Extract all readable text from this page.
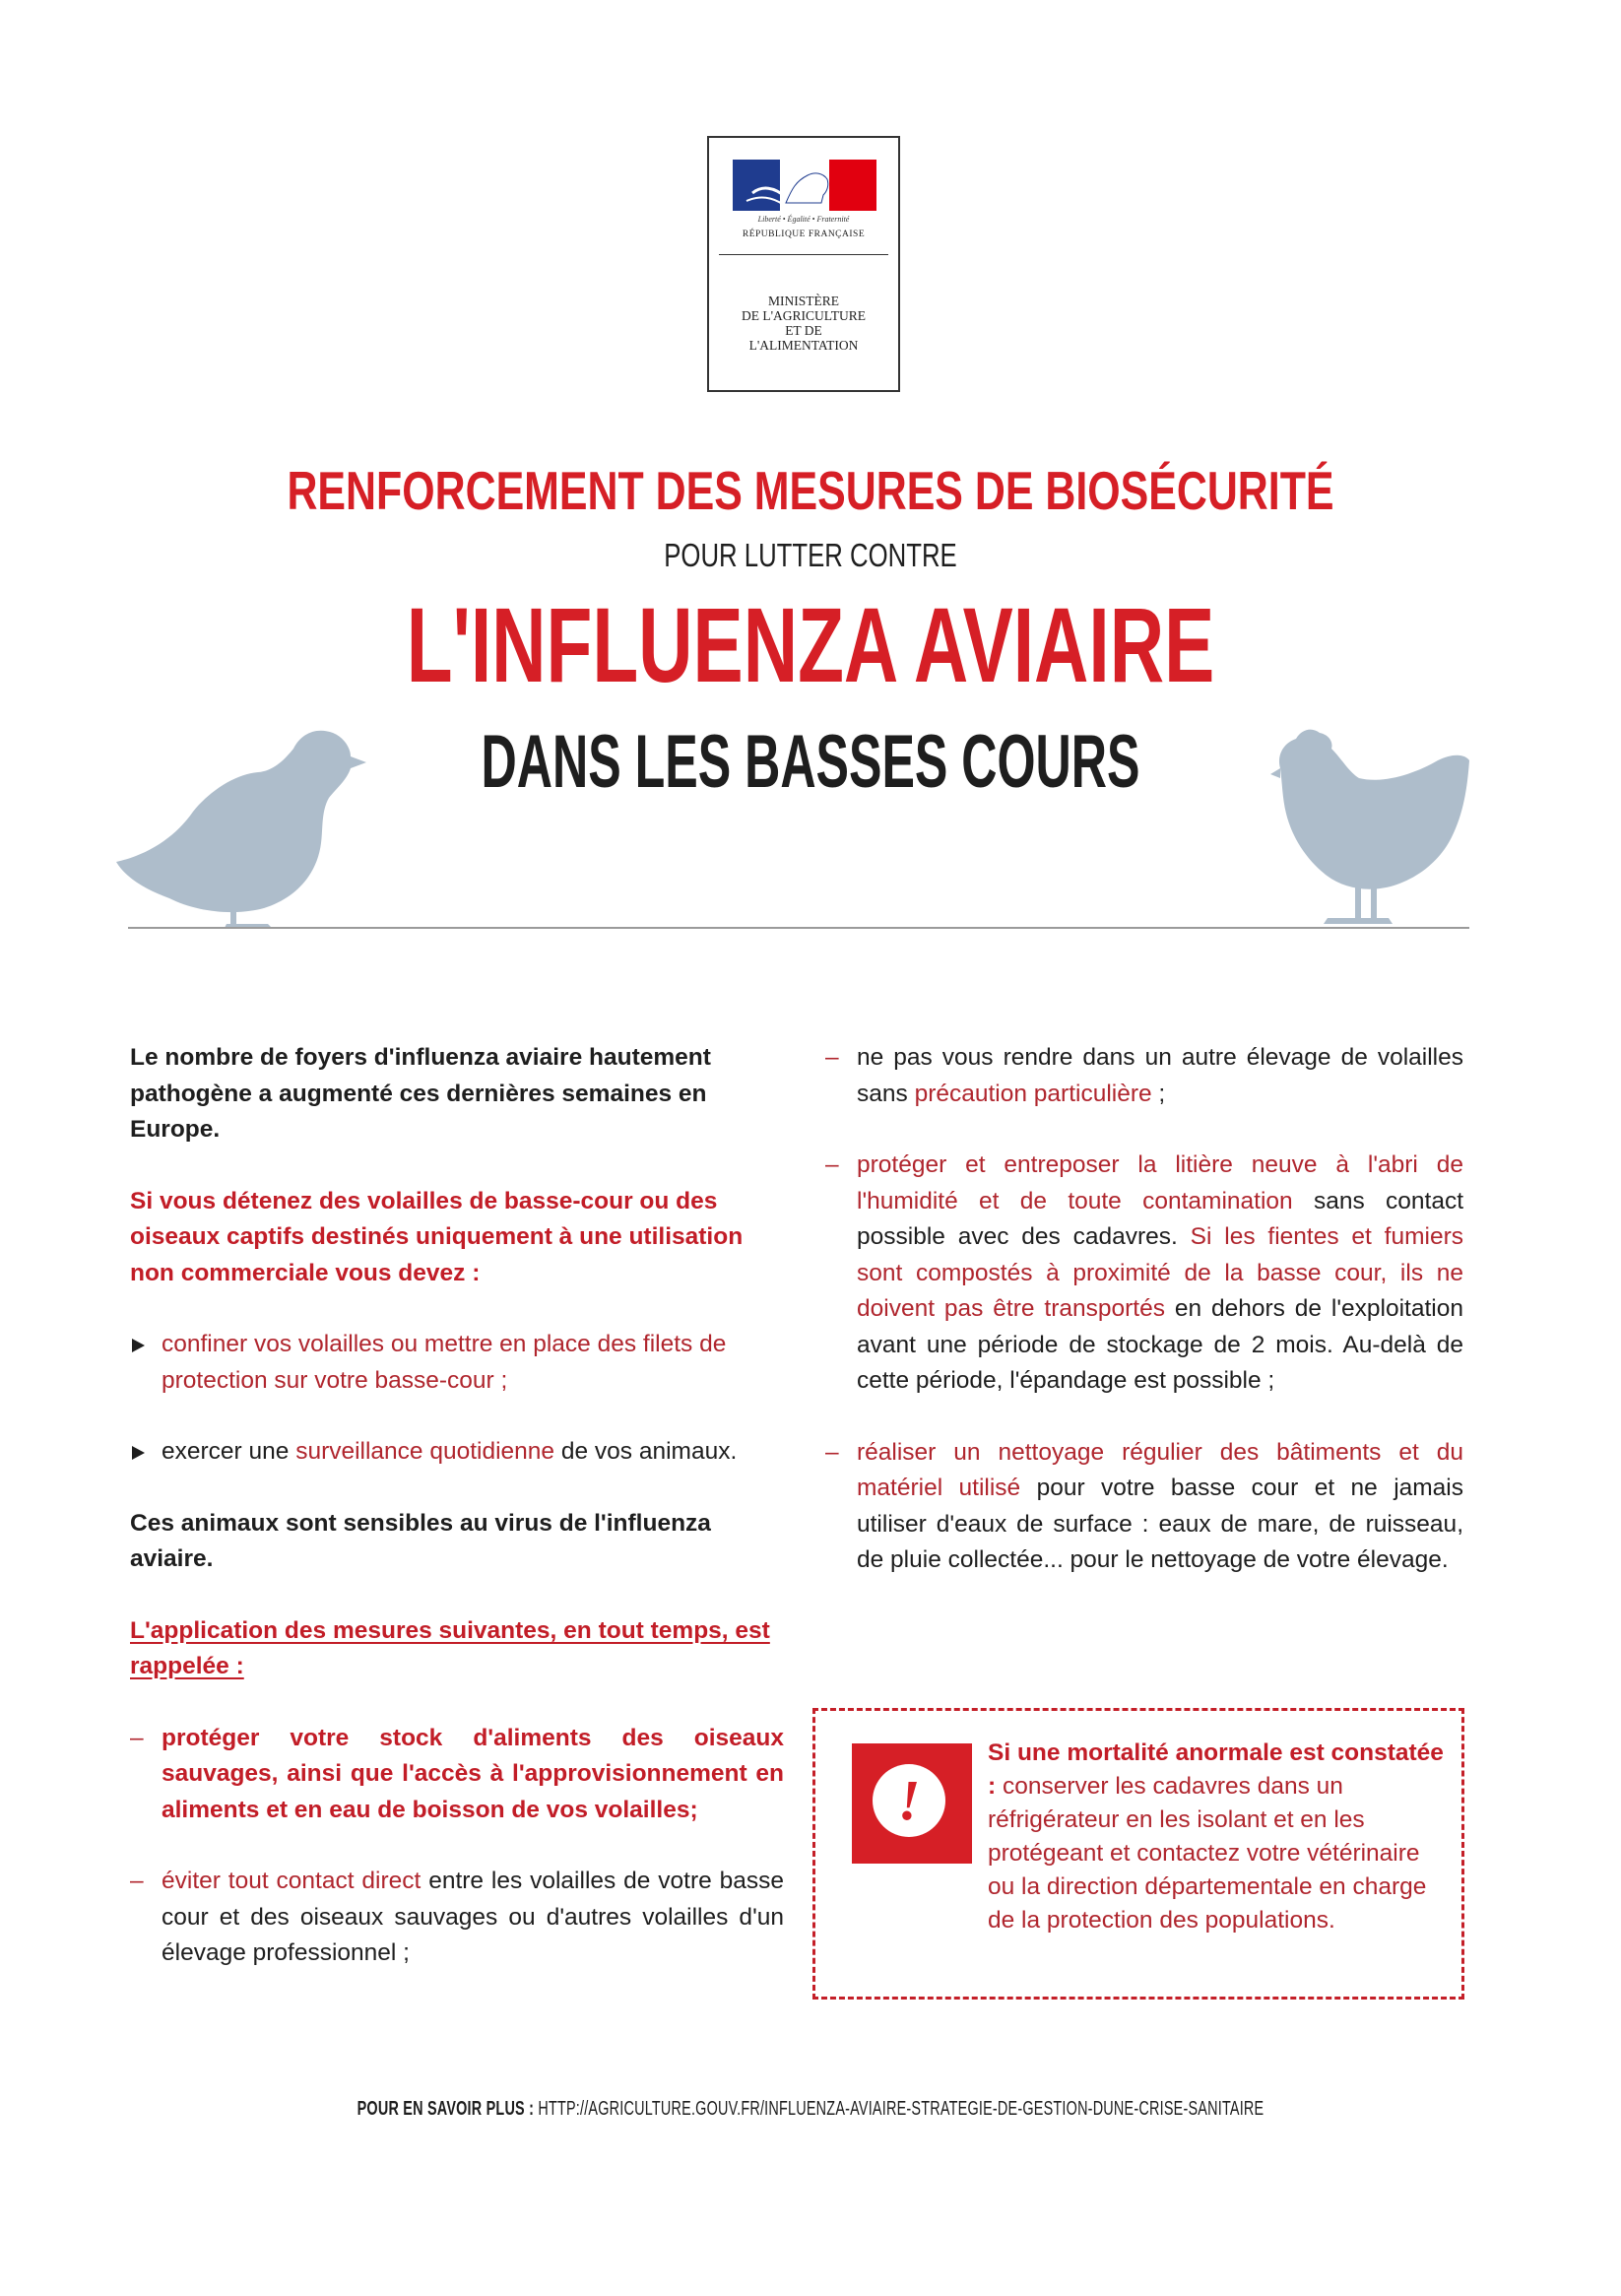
Liberté • Égalité • Fraternité
RÉPUBLIQUE FRANÇAISE
MINISTÈRE
DE L'AGRICULTURE
ET DE
L'ALIMENTATION
RENFORCEMENT DES MESURES DE BIOSÉCURITÉ
POUR LUTTER CONTRE
L'INFLUENZA AVIAIRE
DANS LES BASSES COURS

Le nombre de foyers d'influenza aviaire hautement pathogène a augmenté ces dernières semaines en Europe.

Si vous détenez des volailles de basse-cour ou des oiseaux captifs destinés uniquement à une utilisation non commerciale vous devez :

confiner vos volailles ou mettre en place des filets de protection sur votre basse-cour ;
exercer une surveillance quotidienne de vos animaux.

Ces animaux sont sensibles au virus de l'influenza aviaire.

L'application des mesures suivantes, en tout temps, est rappelée :

– protéger votre stock d'aliments des oiseaux sauvages, ainsi que l'accès à l'approvisionnement en aliments et en eau de boisson de vos volailles;
– éviter tout contact direct entre les volailles de votre basse cour et des oiseaux sauvages ou d'autres volailles d'un élevage professionnel ;
– ne pas vous rendre dans un autre élevage de volailles sans précaution particulière ;
– protéger et entreposer la litière neuve à l'abri de l'humidité et de toute contamination sans contact possible avec des cadavres. Si les fientes et fumiers sont compostés à proximité de la basse cour, ils ne doivent pas être transportés en dehors de l'exploitation avant une période de stockage de 2 mois. Au-delà de cette période, l'épandage est possible ;
– réaliser un nettoyage régulier des bâtiments et du matériel utilisé pour votre basse cour et ne jamais utiliser d'eaux de surface : eaux de mare, de ruisseau, de pluie collectée... pour le nettoyage de votre élevage.
!
Si une mortalité anormale est constatée : conserver les cadavres dans un réfrigérateur en les isolant et en les protégeant et contactez votre vétérinaire ou la direction départementale en charge de la protection des populations.
POUR EN SAVOIR PLUS : HTTP://AGRICULTURE.GOUV.FR/INFLUENZA-AVIAIRE-STRATEGIE-DE-GESTION-DUNE-CRISE-SANITAIRE
